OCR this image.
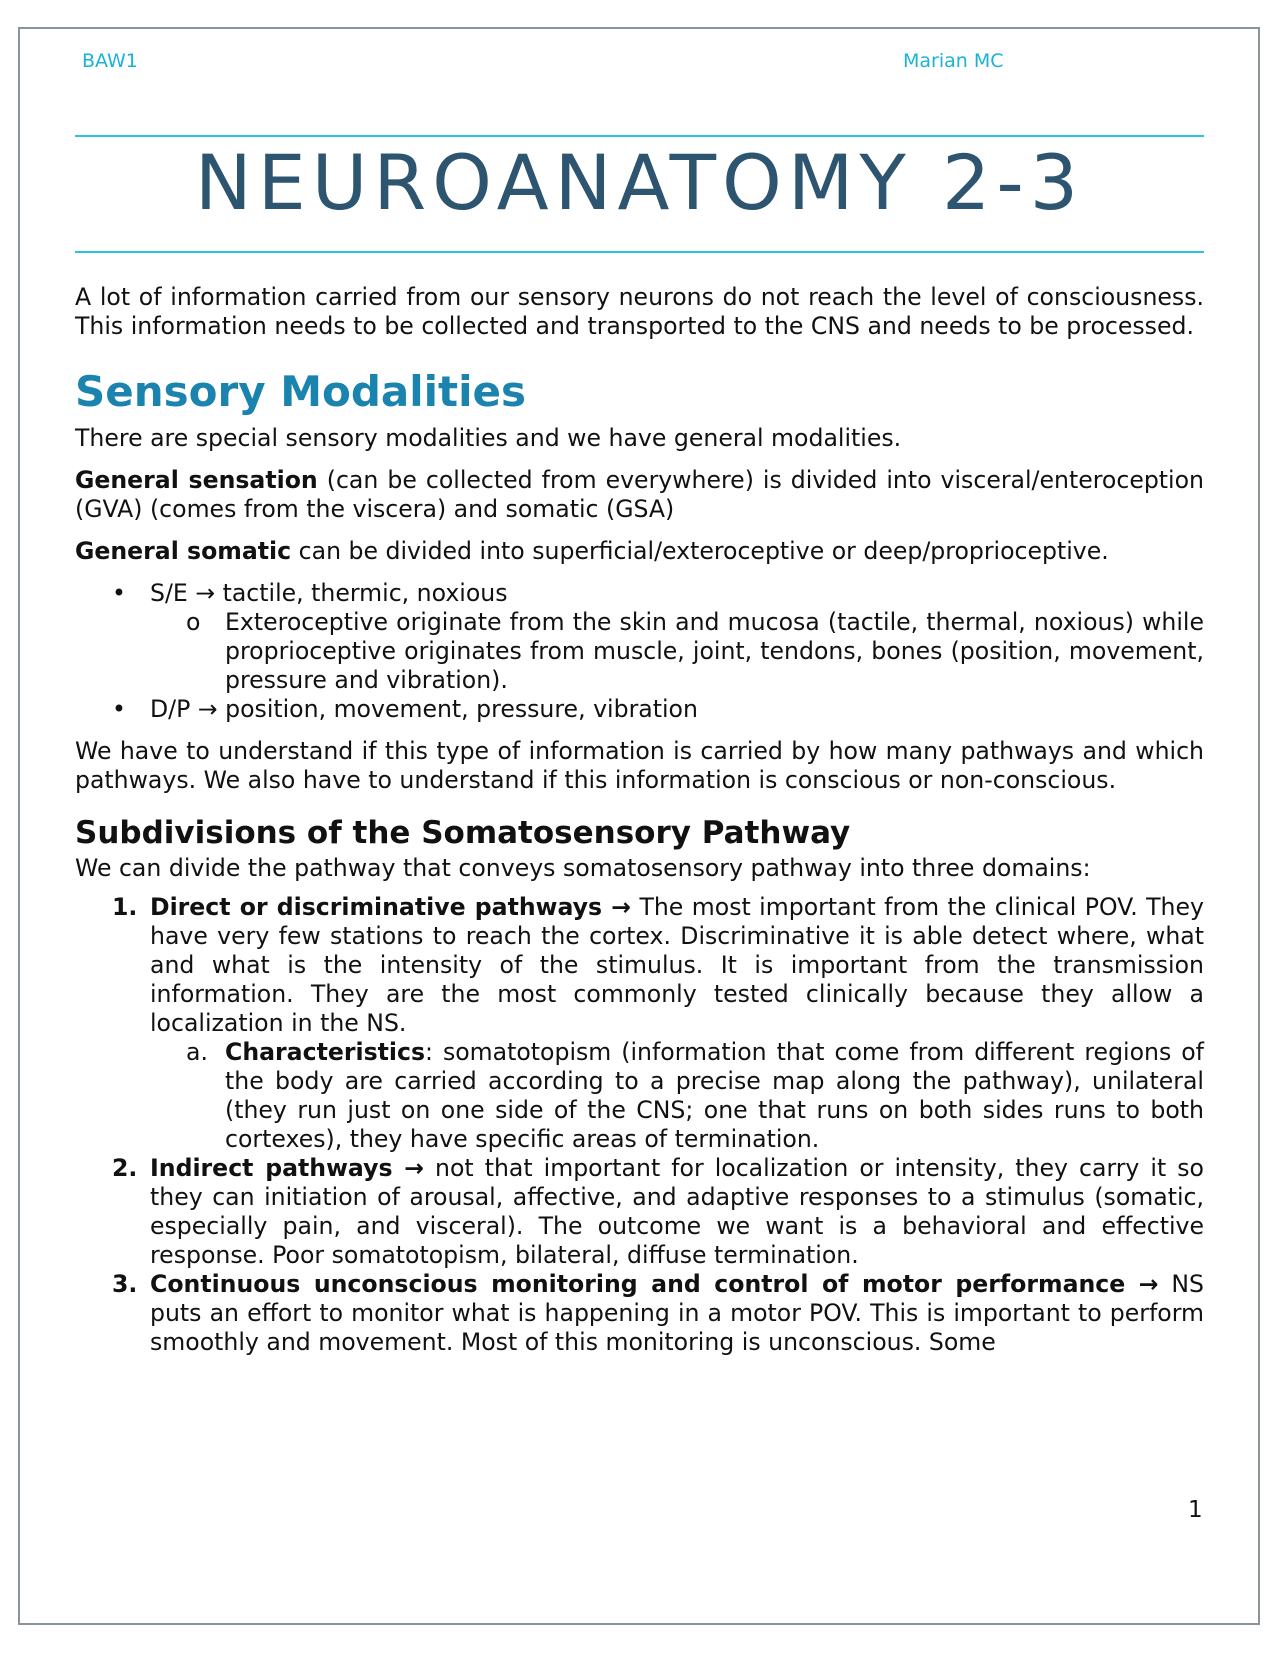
BAW1	Marian MC
NEUROANATOMY 2-3

A lot of information carried from our sensory neurons do not reach the level of consciousness. This information needs to be collected and transported to the CNS and needs to be processed.

Sensory Modalities

There are special sensory modalities and we have general modalities.

General sensation (can be collected from everywhere) is divided into visceral/enteroception (GVA) (comes from the viscera) and somatic (GSA)

General somatic can be divided into superficial/exteroceptive or deep/proprioceptive.

• S/E → tactile, thermic, noxious
o Exteroceptive originate from the skin and mucosa (tactile, thermal, noxious) while proprioceptive originates from muscle, joint, tendons, bones (position, movement, pressure and vibration).
• D/P → position, movement, pressure, vibration

We have to understand if this type of information is carried by how many pathways and which pathways. We also have to understand if this information is conscious or non-conscious.

Subdivisions of the Somatosensory Pathway

We can divide the pathway that conveys somatosensory pathway into three domains:

1. Direct or discriminative pathways → The most important from the clinical POV. They have very few stations to reach the cortex. Discriminative it is able detect where, what and what is the intensity of the stimulus. It is important from the transmission information. They are the most commonly tested clinically because they allow a localization in the NS.
a. Characteristics: somatotopism (information that come from different regions of the body are carried according to a precise map along the pathway), unilateral (they run just on one side of the CNS; one that runs on both sides runs to both cortexes), they have specific areas of termination.
2. Indirect pathways → not that important for localization or intensity, they carry it so they can initiation of arousal, affective, and adaptive responses to a stimulus (somatic, especially pain, and visceral). The outcome we want is a behavioral and effective response. Poor somatotopism, bilateral, diffuse termination.
3. Continuous unconscious monitoring and control of motor performance → NS puts an effort to monitor what is happening in a motor POV. This is important to perform smoothly and movement. Most of this monitoring is unconscious. Some
1
